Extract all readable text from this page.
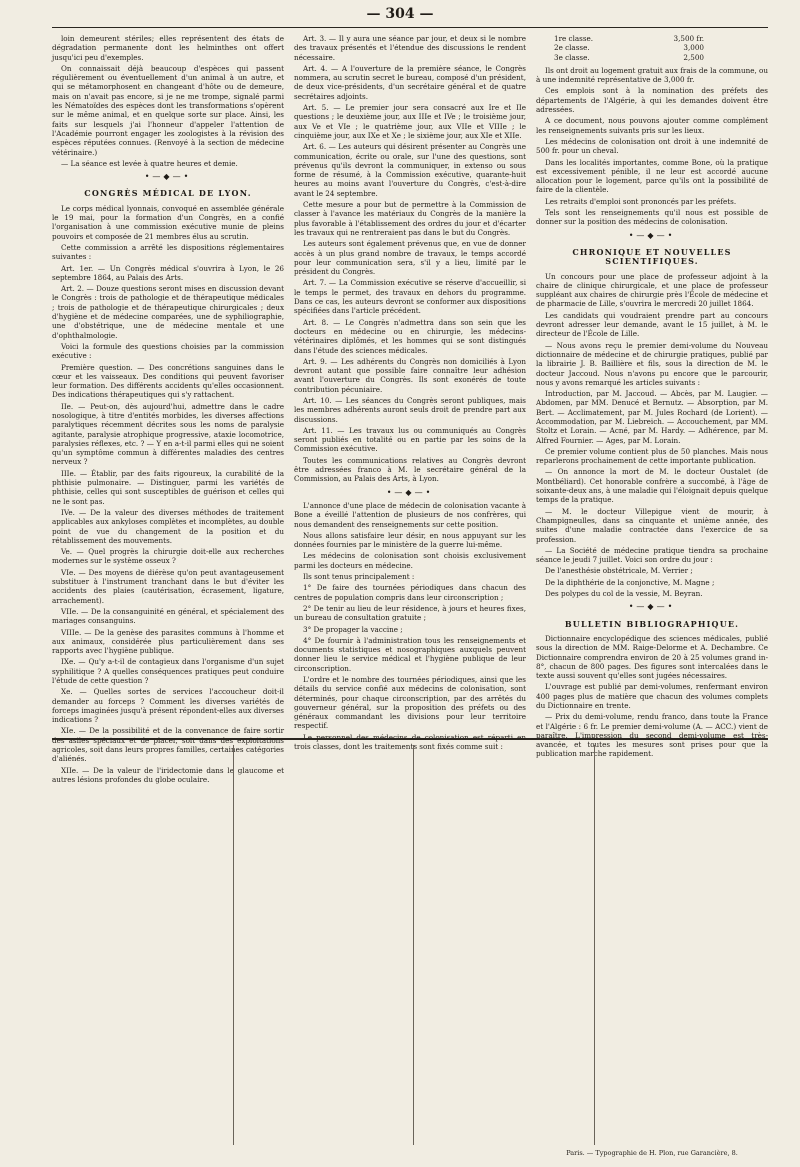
— 304 —

loin demeurent stériles; elles représentent des états de dégradation permanente dont les helminthes ont offert jusqu'ici peu d'exemples.

On connaissait déjà beaucoup d'espèces qui passent régulièrement ou éventuellement d'un animal à un autre, et qui se métamorphosent en changeant d'hôte ou de demeure, mais on n'avait pas encore, si je ne me trompe, signalé parmi les Nématoïdes des espèces dont les transformations s'opèrent sur le même animal, et en quelque sorte sur place. Ainsi, les faits sur lesquels j'ai l'honneur d'appeler l'attention de l'Académie pourront engager les zoologistes à la révision des espèces réputées connues. (Renvoyé à la section de médecine vétérinaire.)

— La séance est levée à quatre heures et demie.

•—◆—•
CONGRÈS MÉDICAL DE LYON.

Le corps médical lyonnais, convoqué en assemblée générale le 19 mai, pour la formation d'un Congrès, en a confié l'organisation à une commission exécutive munie de pleins pouvoirs et composée de 21 membres élus au scrutin.

Cette commission a arrêté les dispositions réglementaires suivantes :

Art. 1er. — Un Congrès médical s'ouvrira à Lyon, le 26 septembre 1864, au Palais des Arts.

Art. 2. — Douze questions seront mises en discussion devant le Congrès : trois de pathologie et de thérapeutique médicales ; trois de pathologie et de thérapeutique chirurgicales ; deux d'hygiène et de médecine comparées, une de syphiliographie, une d'obstétrique, une de médecine mentale et une d'ophthalmologie.

Voici la formule des questions choisies par la commission exécutive :

Première question. — Des concrétions sanguines dans le cœur et les vaisseaux. Des conditions qui peuvent favoriser leur formation. Des différents accidents qu'elles occasionnent. Des indications thérapeutiques qui s'y rattachent.

IIe. — Peut-on, dès aujourd'hui, admettre dans le cadre nosologique, à titre d'entités morbides, les diverses affections paralytiques récemment décrites sous les noms de paralysie agitante, paralysie atrophique progressive, ataxie locomotrice, paralysies réflexes, etc. ? — Y en a-t-il parmi elles qui ne soient qu'un symptôme commun à différentes maladies des centres nerveux ?

IIIe. — Établir, par des faits rigoureux, la curabilité de la phthisie pulmonaire. — Distinguer, parmi les variétés de phthisie, celles qui sont susceptibles de guérison et celles qui ne le sont pas.

IVe. — De la valeur des diverses méthodes de traitement applicables aux ankyloses complètes et incomplètes, au double point de vue du changement de la position et du rétablissement des mouvements.

Ve. — Quel progrès la chirurgie doit-elle aux recherches modernes sur le système osseux ?

VIe. — Des moyens de diérèse qu'on peut avantageusement substituer à l'instrument tranchant dans le but d'éviter les accidents des plaies (cautérisation, écrasement, ligature, arrachement).

VIIe. — De la consanguinité en général, et spécialement des mariages consanguins.

VIIIe. — De la genèse des parasites communs à l'homme et aux animaux, considérée plus particulièrement dans ses rapports avec l'hygiène publique.

IXe. — Qu'y a-t-il de contagieux dans l'organisme d'un sujet syphilitique ? A quelles conséquences pratiques peut conduire l'étude de cette question ?

Xe. — Quelles sortes de services l'accoucheur doit-il demander au forceps ? Comment les diverses variétés de forceps imaginées jusqu'à présent répondent-elles aux diverses indications ?

XIe. — De la possibilité et de la convenance de faire sortir des asiles spéciaux et de placer, soit dans des exploitations agricoles, soit dans leurs propres familles, certaines catégories d'aliénés.

XIIe. — De la valeur de l'iridectomie dans le glaucome et autres lésions profondes du globe oculaire.

Art. 3. — Il y aura une séance par jour, et deux si le nombre des travaux présentés et l'étendue des discussions le rendent nécessaire.

Art. 4. — A l'ouverture de la première séance, le Congrès nommera, au scrutin secret le bureau, composé d'un président, de deux vice-présidents, d'un secrétaire général et de quatre secrétaires adjoints.

Art. 5. — Le premier jour sera consacré aux Ire et IIe questions ; le deuxième jour, aux IIIe et IVe ; le troisième jour, aux Ve et VIe ; le quatrième jour, aux VIIe et VIIIe ; le cinquième jour, aux IXe et Xe ; le sixième jour, aux XIe et XIIe.

Art. 6. — Les auteurs qui désirent présenter au Congrès une communication, écrite ou orale, sur l'une des questions, sont prévenus qu'ils devront la communiquer, in extenso ou sous forme de résumé, à la Commission exécutive, quarante-huit heures au moins avant l'ouverture du Congrès, c'est-à-dire avant le 24 septembre.

Cette mesure a pour but de permettre à la Commission de classer à l'avance les matériaux du Congrès de la manière la plus favorable à l'établissement des ordres du jour et d'écarter les travaux qui ne rentreraient pas dans le but du Congrès.

Les auteurs sont également prévenus que, en vue de donner accès à un plus grand nombre de travaux, le temps accordé pour leur communication sera, s'il y a lieu, limité par le président du Congrès.

Art. 7. — La Commission exécutive se réserve d'accueillir, si le temps le permet, des travaux en dehors du programme. Dans ce cas, les auteurs devront se conformer aux dispositions spécifiées dans l'article précédent.

Art. 8. — Le Congrès n'admettra dans son sein que les docteurs en médecine ou en chirurgie, les médecins-vétérinaires diplômés, et les hommes qui se sont distingués dans l'étude des sciences médicales.

Art. 9. — Les adhérents du Congrès non domiciliés à Lyon devront autant que possible faire connaître leur adhésion avant l'ouverture du Congrès. Ils sont exonérés de toute contribution pécuniaire.

Art. 10. — Les séances du Congrès seront publiques, mais les membres adhérents auront seuls droit de prendre part aux discussions.

Art. 11. — Les travaux lus ou communiqués au Congrès seront publiés en totalité ou en partie par les soins de la Commission exécutive.

Toutes les communications relatives au Congrès devront être adressées franco à M. le secrétaire général de la Commission, au Palais des Arts, à Lyon.

•—◆—•

L'annonce d'une place de médecin de colonisation vacante à Bone a éveillé l'attention de plusieurs de nos confrères, qui nous demandent des renseignements sur cette position.

Nous allons satisfaire leur désir, en nous appuyant sur les données fournies par le ministère de la guerre lui-même.

Les médecins de colonisation sont choisis exclusivement parmi les docteurs en médecine.

Ils sont tenus principalement :

1° De faire des tournées périodiques dans chacun des centres de population compris dans leur circonscription ;

2° De tenir au lieu de leur résidence, à jours et heures fixes, un bureau de consultation gratuite ;

3° De propager la vaccine ;

4° De fournir à l'administration tous les renseignements et documents statistiques et nosographiques auxquels peuvent donner lieu le service médical et l'hygiène publique de leur circonscription.

L'ordre et le nombre des tournées périodiques, ainsi que les détails du service confié aux médecins de colonisation, sont déterminés, pour chaque circonscription, par des arrêtés du gouverneur général, sur la proposition des préfets ou des généraux commandant les divisions pour leur territoire respectif.

Le personnel des médecins de colonisation est réparti en trois classes, dont les traitements sont fixés comme suit :

1re classe.	3,500 fr.
2e classe.	3,000
3e classe.	2,500

Ils ont droit au logement gratuit aux frais de la commune, ou à une indemnité représentative de 3,000 fr.

Ces emplois sont à la nomination des préfets des départements de l'Algérie, à qui les demandes doivent être adressées.

A ce document, nous pouvons ajouter comme complément les renseignements suivants pris sur les lieux.

Les médecins de colonisation ont droit à une indemnité de 500 fr. pour un cheval.

Dans les localités importantes, comme Bone, où la pratique est excessivement pénible, il ne leur est accordé aucune allocation pour le logement, parce qu'ils ont la possibilité de faire de la clientèle.

Les retraits d'emploi sont prononcés par les préfets.

Tels sont les renseignements qu'il nous est possible de donner sur la position des médecins de colonisation.

•—◆—•
CHRONIQUE ET NOUVELLES SCIENTIFIQUES.

Un concours pour une place de professeur adjoint à la chaire de clinique chirurgicale, et une place de professeur suppléant aux chaires de chirurgie près l'École de médecine et de pharmacie de Lille, s'ouvrira le mercredi 20 juillet 1864.

Les candidats qui voudraient prendre part au concours devront adresser leur demande, avant le 15 juillet, à M. le directeur de l'École de Lille.

— Nous avons reçu le premier demi-volume du Nouveau dictionnaire de médecine et de chirurgie pratiques, publié par la librairie J. B. Baillière et fils, sous la direction de M. le docteur Jaccoud. Nous n'avons pu encore que le parcourir, nous y avons remarqué les articles suivants :

Introduction, par M. Jaccoud. — Abcès, par M. Laugier. — Abdomen, par MM. Denucé et Bernutz. — Absorption, par M. Bert. — Acclimatement, par M. Jules Rochard (de Lorient). — Accommodation, par M. Liebreich. — Accouchement, par MM. Stoltz et Lorain. — Acné, par M. Hardy. — Adhérence, par M. Alfred Fournier. — Ages, par M. Lorain.

Ce premier volume contient plus de 50 planches. Mais nous reparlerons prochainement de cette importante publication.

— On annonce la mort de M. le docteur Oustalet (de Montbéliard). Cet honorable confrère a succombé, à l'âge de soixante-deux ans, à une maladie qui l'éloignait depuis quelque temps de la pratique.

— M. le docteur Villepigue vient de mourir, à Champigneulles, dans sa cinquante et unième année, des suites d'une maladie contractée dans l'exercice de sa profession.

— La Société de médecine pratique tiendra sa prochaine séance le jeudi 7 juillet. Voici son ordre du jour :

De l'anesthésie obstétricale, M. Verrier ;

De la diphthérie de la conjonctive, M. Magne ;

Des polypes du col de la vessie, M. Beyran.

•—◆—•
BULLETIN BIBLIOGRAPHIQUE.

Dictionnaire encyclopédique des sciences médicales, publié sous la direction de MM. Raige-Delorme et A. Dechambre. Ce Dictionnaire comprendra environ de 20 à 25 volumes grand in-8°, chacun de 800 pages. Des figures sont intercalées dans le texte aussi souvent qu'elles sont jugées nécessaires.

L'ouvrage est publié par demi-volumes, renfermant environ 400 pages plus de matière que chacun des volumes complets du Dictionnaire en trente.

— Prix du demi-volume, rendu franco, dans toute la France et l'Algérie : 6 fr. Le premier demi-volume (A. — ACC.) vient de paraître. L'impression du second demi-volume est très-avancée, et toutes les mesures sont prises pour que la publication marche rapidement.

Paris. — Typographie de H. Plon, rue Garancière, 8.
